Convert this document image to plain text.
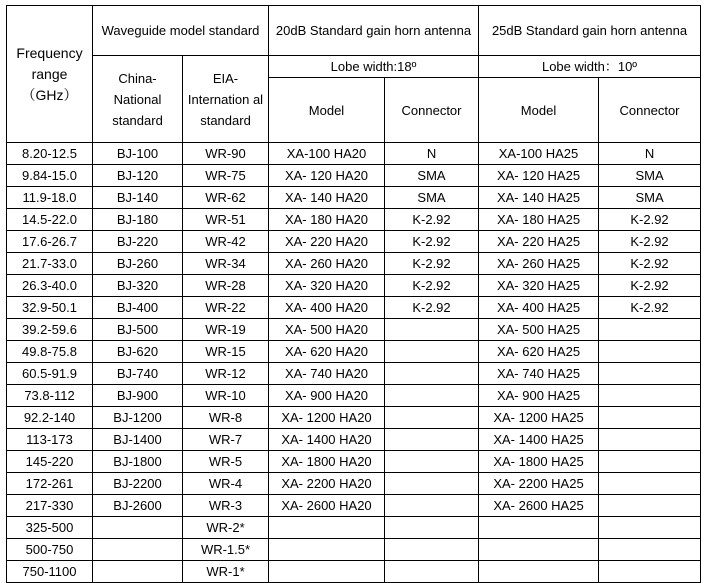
Frequency range （GHz）	Waveguide model standard		20dB Standard gain horn antenna		25dB Standard gain horn antenna	
	China-National standard	EIA-Internation al standard	Lobe width:18º		Lobe width：10º	
			Model	Connector	Model	Connector
8.20-12.5	BJ-100	WR-90	XA-100 HA20	N	XA-100 HA25	N
9.84-15.0	BJ-120	WR-75	XA- 120 HA20	SMA	XA- 120 HA25	SMA
11.9-18.0	BJ-140	WR-62	XA- 140 HA20	SMA	XA- 140 HA25	SMA
14.5-22.0	BJ-180	WR-51	XA- 180 HA20	K-2.92	XA- 180 HA25	K-2.92
17.6-26.7	BJ-220	WR-42	XA- 220 HA20	K-2.92	XA- 220 HA25	K-2.92
21.7-33.0	BJ-260	WR-34	XA- 260 HA20	K-2.92	XA- 260 HA25	K-2.92
26.3-40.0	BJ-320	WR-28	XA- 320 HA20	K-2.92	XA- 320 HA25	K-2.92
32.9-50.1	BJ-400	WR-22	XA- 400 HA20	K-2.92	XA- 400 HA25	K-2.92
39.2-59.6	BJ-500	WR-19	XA- 500 HA20		XA- 500 HA25	
49.8-75.8	BJ-620	WR-15	XA- 620 HA20		XA- 620 HA25	
60.5-91.9	BJ-740	WR-12	XA- 740 HA20		XA- 740 HA25	
73.8-112	BJ-900	WR-10	XA- 900 HA20		XA- 900 HA25	
92.2-140	BJ-1200	WR-8	XA- 1200 HA20		XA- 1200 HA25	
113-173	BJ-1400	WR-7	XA- 1400 HA20		XA- 1400 HA25	
145-220	BJ-1800	WR-5	XA- 1800 HA20		XA- 1800 HA25	
172-261	BJ-2200	WR-4	XA- 2200 HA20		XA- 2200 HA25	
217-330	BJ-2600	WR-3	XA- 2600 HA20		XA- 2600 HA25	
325-500		WR-2*				
500-750		WR-1.5*				
750-1100		WR-1*				
